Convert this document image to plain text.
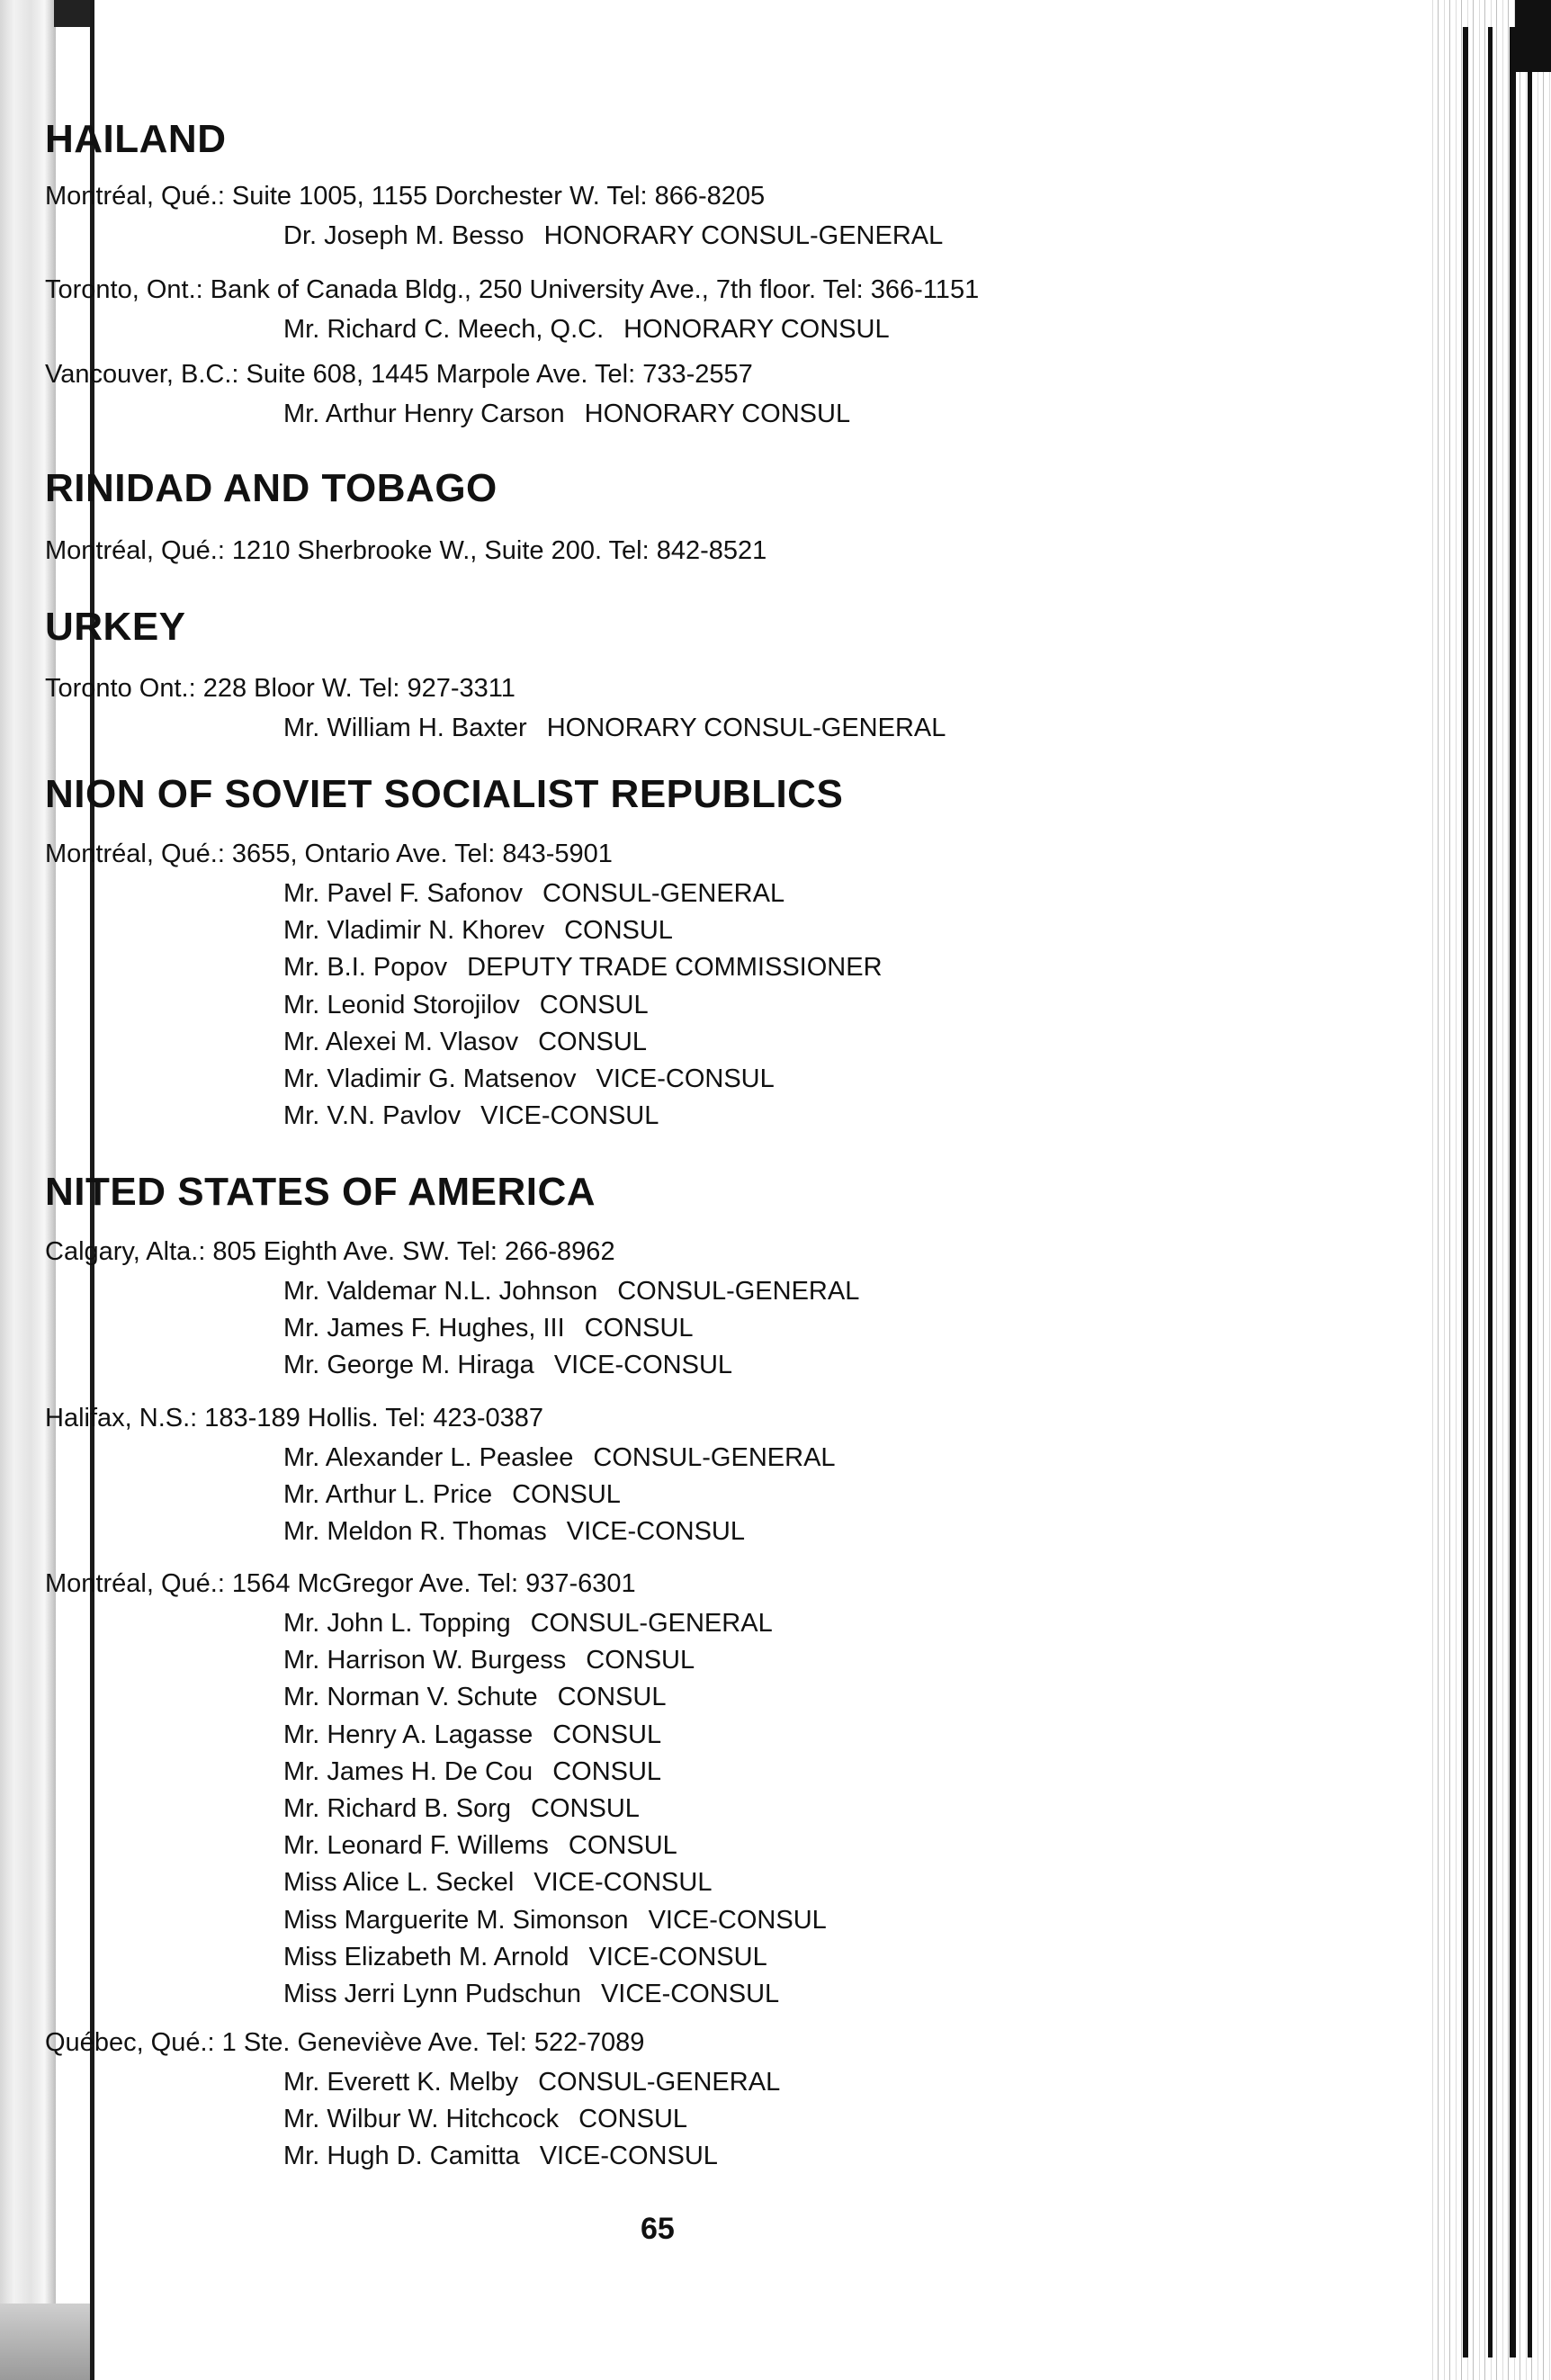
HAILAND
Montréal, Qué.: Suite 1005, 1155 Dorchester W. Tel: 866-8205
Dr. Joseph M. Besso HONORARY CONSUL-GENERAL
Toronto, Ont.: Bank of Canada Bldg., 250 University Ave., 7th floor. Tel: 366-1151
Mr. Richard C. Meech, Q.C. HONORARY CONSUL
Vancouver, B.C.: Suite 608, 1445 Marpole Ave. Tel: 733-2557
Mr. Arthur Henry Carson HONORARY CONSUL
RINIDAD AND TOBAGO
Montréal, Qué.: 1210 Sherbrooke W., Suite 200. Tel: 842-8521
URKEY
Toronto Ont.: 228 Bloor W. Tel: 927-3311
Mr. William H. Baxter HONORARY CONSUL-GENERAL
NION OF SOVIET SOCIALIST REPUBLICS
Montréal, Qué.: 3655, Ontario Ave. Tel: 843-5901
Mr. Pavel F. Safonov CONSUL-GENERAL
Mr. Vladimir N. Khorev CONSUL
Mr. B.I. Popov DEPUTY TRADE COMMISSIONER
Mr. Leonid Storojilov CONSUL
Mr. Alexei M. Vlasov CONSUL
Mr. Vladimir G. Matsenov VICE-CONSUL
Mr. V.N. Pavlov VICE-CONSUL
NITED STATES OF AMERICA
Calgary, Alta.: 805 Eighth Ave. SW. Tel: 266-8962
Mr. Valdemar N.L. Johnson CONSUL-GENERAL
Mr. James F. Hughes, III CONSUL
Mr. George M. Hiraga VICE-CONSUL
Halifax, N.S.: 183-189 Hollis. Tel: 423-0387
Mr. Alexander L. Peaslee CONSUL-GENERAL
Mr. Arthur L. Price CONSUL
Mr. Meldon R. Thomas VICE-CONSUL
Montréal, Qué.: 1564 McGregor Ave. Tel: 937-6301
Mr. John L. Topping CONSUL-GENERAL
Mr. Harrison W. Burgess CONSUL
Mr. Norman V. Schute CONSUL
Mr. Henry A. Lagasse CONSUL
Mr. James H. De Cou CONSUL
Mr. Richard B. Sorg CONSUL
Mr. Leonard F. Willems CONSUL
Miss Alice L. Seckel VICE-CONSUL
Miss Marguerite M. Simonson VICE-CONSUL
Miss Elizabeth M. Arnold VICE-CONSUL
Miss Jerri Lynn Pudschun VICE-CONSUL
Québec, Qué.: 1 Ste. Geneviève Ave. Tel: 522-7089
Mr. Everett K. Melby CONSUL-GENERAL
Mr. Wilbur W. Hitchcock CONSUL
Mr. Hugh D. Camitta VICE-CONSUL
65
